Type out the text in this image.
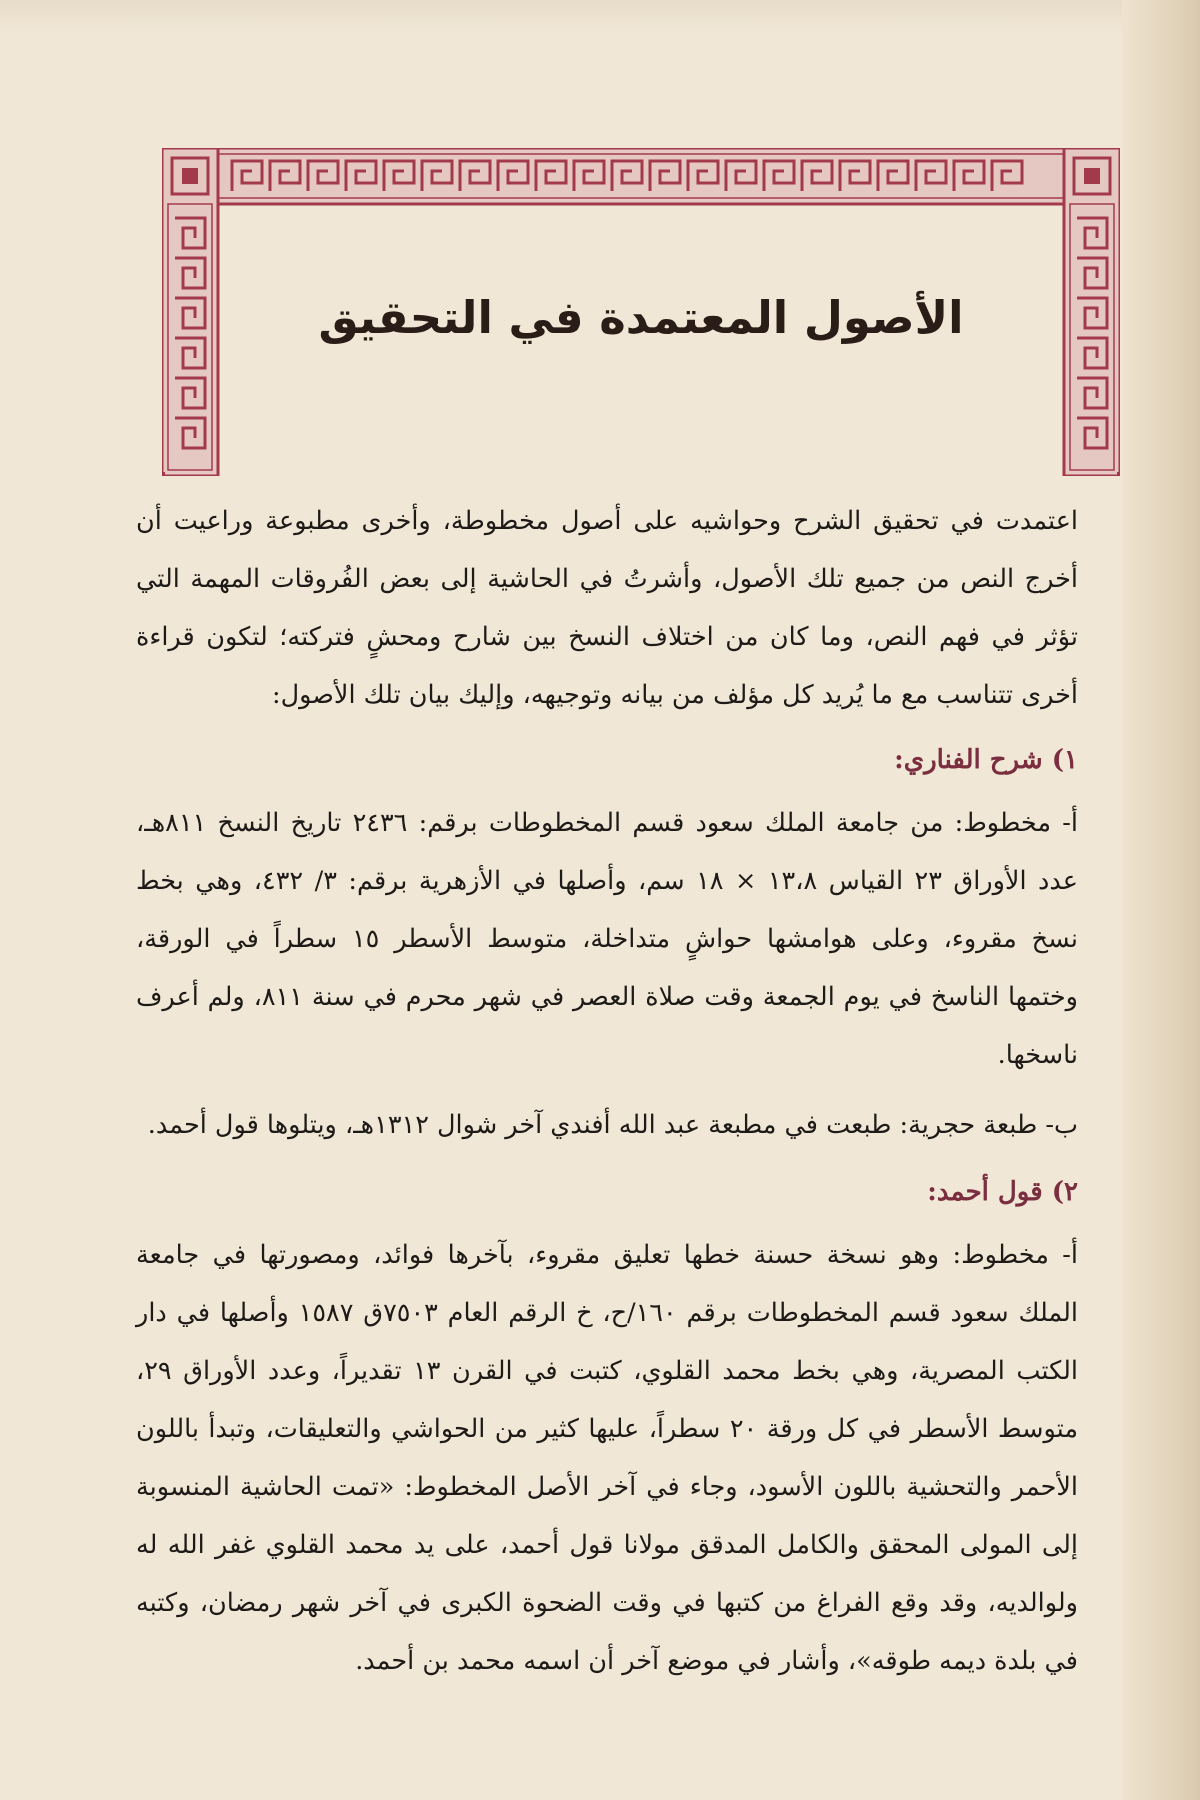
الأصول المعتمدة في التحقيق

اعتمدت في تحقيق الشرح وحواشيه على أصول مخطوطة، وأخرى مطبوعة وراعيت أن أخرج النص من جميع تلك الأصول، وأشرتُ في الحاشية إلى بعض الفُروقات المهمة التي تؤثر في فهم النص، وما كان من اختلاف النسخ بين شارح ومحشٍ فتركته؛ لتكون قراءة أخرى تتناسب مع ما يُريد كل مؤلف من بيانه وتوجيهه، وإليك بيان تلك الأصول:

١) شرح الفناري:

أ- مخطوط: من جامعة الملك سعود قسم المخطوطات برقم: ٢٤٣٦ تاريخ النسخ ٨١١هـ، عدد الأوراق ٢٣ القياس ١٣،٨ × ١٨ سم، وأصلها في الأزهرية برقم: ٣/ ٤٣٢، وهي بخط نسخ مقروء، وعلى هوامشها حواشٍ متداخلة، متوسط الأسطر ١٥ سطراً في الورقة، وختمها الناسخ في يوم الجمعة وقت صلاة العصر في شهر محرم في سنة ٨١١، ولم أعرف ناسخها.

ب- طبعة حجرية: طبعت في مطبعة عبد الله أفندي آخر شوال ١٣١٢هـ، ويتلوها قول أحمد.

٢) قول أحمد:

أ- مخطوط: وهو نسخة حسنة خطها تعليق مقروء، بآخرها فوائد، ومصورتها في جامعة الملك سعود قسم المخطوطات برقم ١٦٠/ح، خ الرقم العام ٧٥٠٣ق ١٥٨٧ وأصلها في دار الكتب المصرية، وهي بخط محمد القلوي، كتبت في القرن ١٣ تقديراً، وعدد الأوراق ٢٩، متوسط الأسطر في كل ورقة ٢٠ سطراً، عليها كثير من الحواشي والتعليقات، وتبدأ باللون الأحمر والتحشية باللون الأسود، وجاء في آخر الأصل المخطوط: «تمت الحاشية المنسوبة إلى المولى المحقق والكامل المدقق مولانا قول أحمد، على يد محمد القلوي غفر الله له ولوالديه، وقد وقع الفراغ من كتبها في وقت الضحوة الكبرى في آخر شهر رمضان، وكتبه في بلدة ديمه طوقه»، وأشار في موضع آخر أن اسمه محمد بن أحمد.
